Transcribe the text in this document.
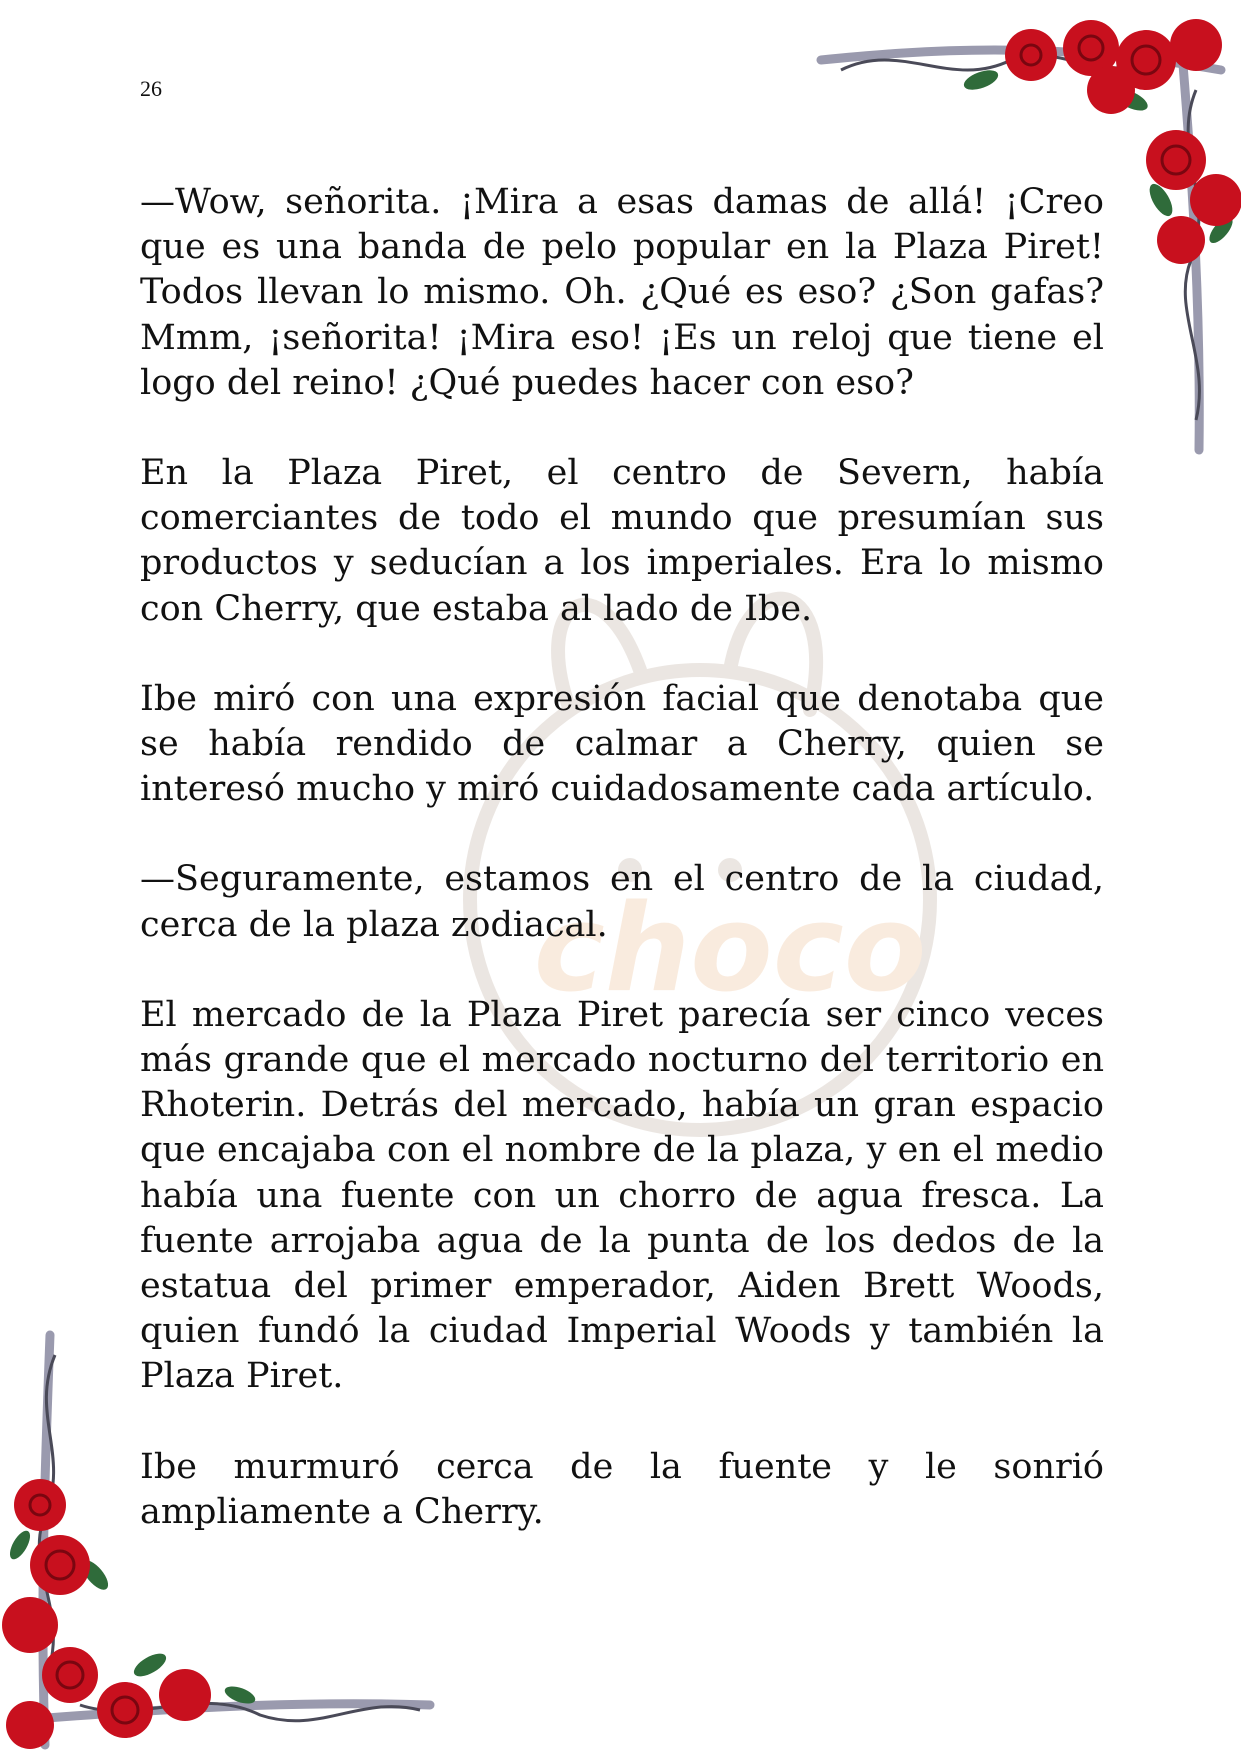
choco
26

—Wow, señorita. ¡Mira a esas damas de allá! ¡Creo que es una banda de pelo popular en la Plaza Piret! Todos llevan lo mismo. Oh. ¿Qué es eso? ¿Son gafas? Mmm, ¡señorita! ¡Mira eso! ¡Es un reloj que tiene el logo del reino! ¿Qué puedes hacer con eso?

En la Plaza Piret, el centro de Severn, había comerciantes de todo el mundo que presumían sus productos y seducían a los imperiales. Era lo mismo con Cherry, que estaba al lado de Ibe.

Ibe miró con una expresión facial que denotaba que se había rendido de calmar a Cherry, quien se interesó mucho y miró cuidadosamente cada artículo.

—Seguramente, estamos en el centro de la ciudad, cerca de la plaza zodiacal.

El mercado de la Plaza Piret parecía ser cinco veces más grande que el mercado nocturno del territorio en Rhoterin. Detrás del mercado, había un gran espacio que encajaba con el nombre de la plaza, y en el medio había una fuente con un chorro de agua fresca. La fuente arrojaba agua de la punta de los dedos de la estatua del primer emperador, Aiden Brett Woods, quien fundó la ciudad Imperial Woods y también la Plaza Piret.

Ibe murmuró cerca de la fuente y le sonrió ampliamente a Cherry.
